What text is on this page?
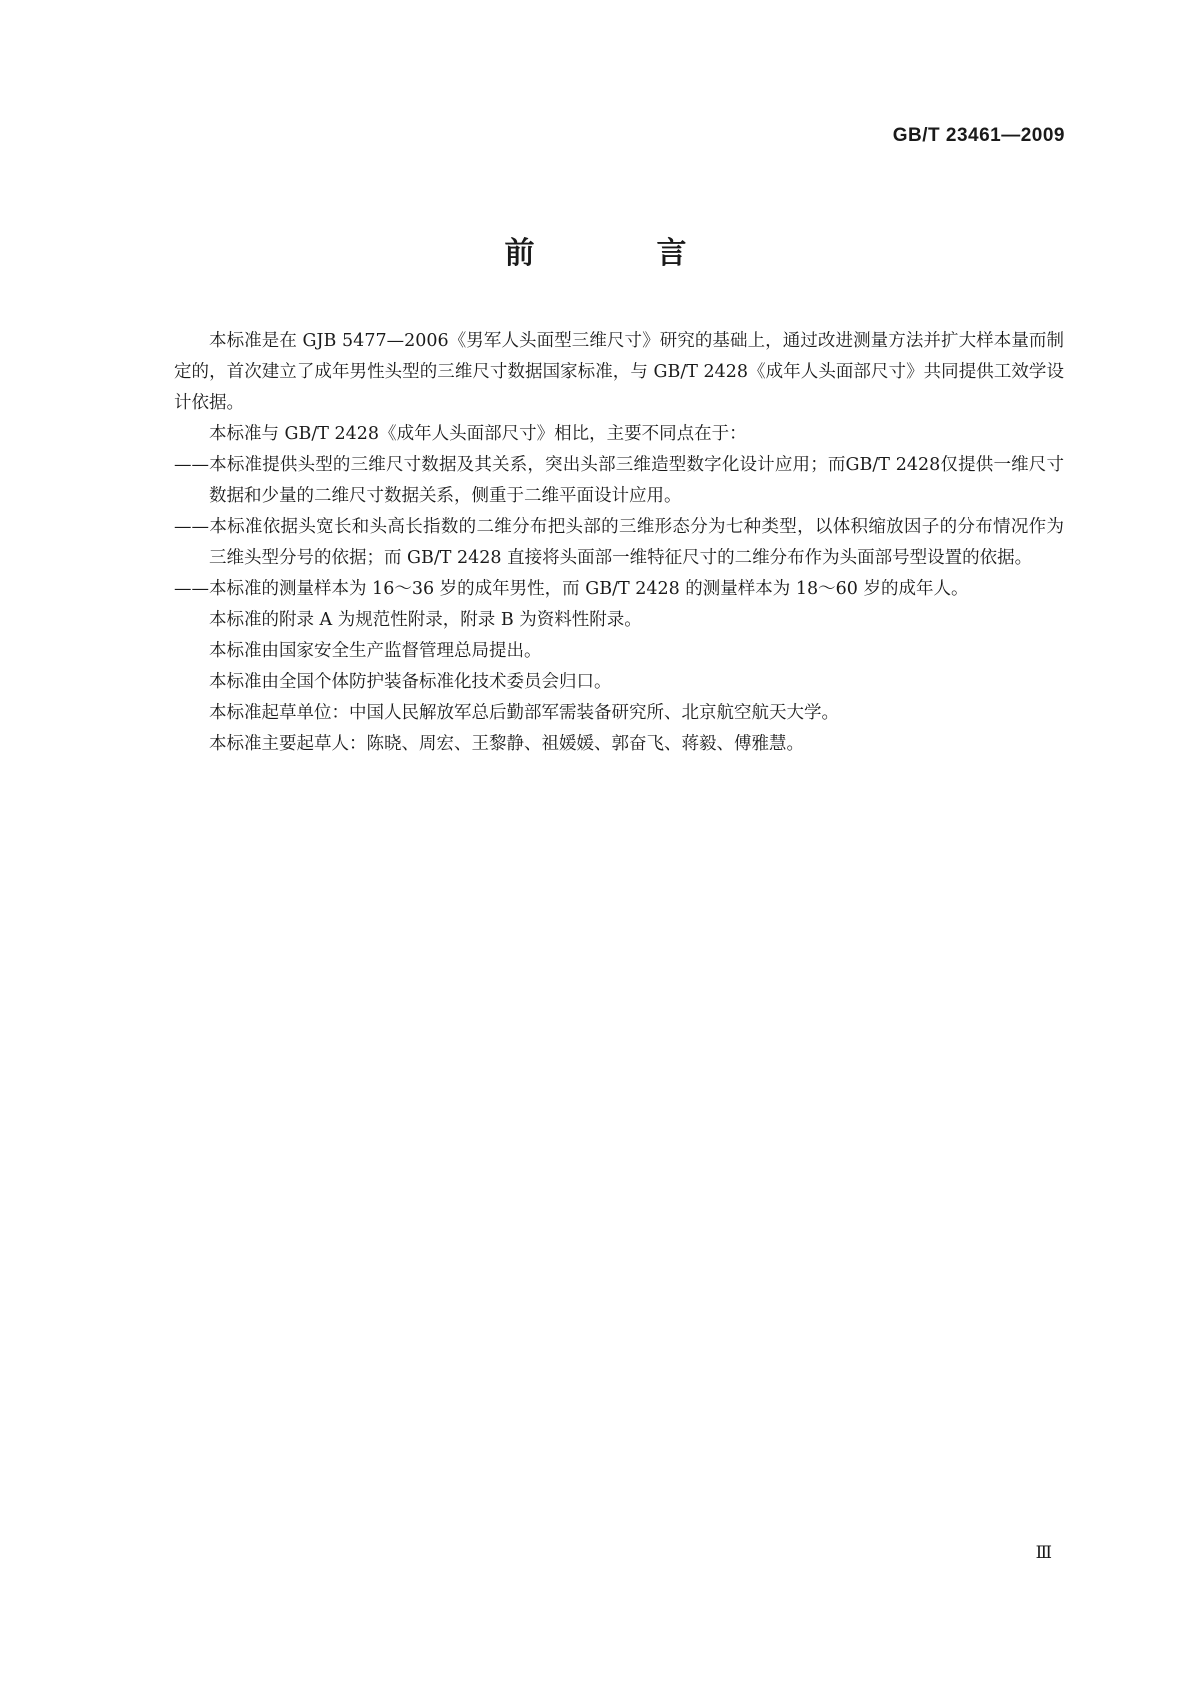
GB/T 23461—2009
前　言

本标准是在 GJB 5477—2006《男军人头面型三维尺寸》研究的基础上，通过改进测量方法并扩大样本量而制定的，首次建立了成年男性头型的三维尺寸数据国家标准，与 GB/T 2428《成年人头面部尺寸》共同提供工效学设计依据。

本标准与 GB/T 2428《成年人头面部尺寸》相比，主要不同点在于：

——本标准提供头型的三维尺寸数据及其关系，突出头部三维造型数字化设计应用；而GB/T 2428仅提供一维尺寸数据和少量的二维尺寸数据关系，侧重于二维平面设计应用。

——本标准依据头宽长和头高长指数的二维分布把头部的三维形态分为七种类型，以体积缩放因子的分布情况作为三维头型分号的依据；而 GB/T 2428 直接将头面部一维特征尺寸的二维分布作为头面部号型设置的依据。

——本标准的测量样本为 16～36 岁的成年男性，而 GB/T 2428 的测量样本为 18～60 岁的成年人。

本标准的附录 A 为规范性附录，附录 B 为资料性附录。

本标准由国家安全生产监督管理总局提出。

本标准由全国个体防护装备标准化技术委员会归口。

本标准起草单位：中国人民解放军总后勤部军需装备研究所、北京航空航天大学。

本标准主要起草人：陈晓、周宏、王黎静、祖媛媛、郭奋飞、蒋毅、傅雅慧。

Ⅲ
